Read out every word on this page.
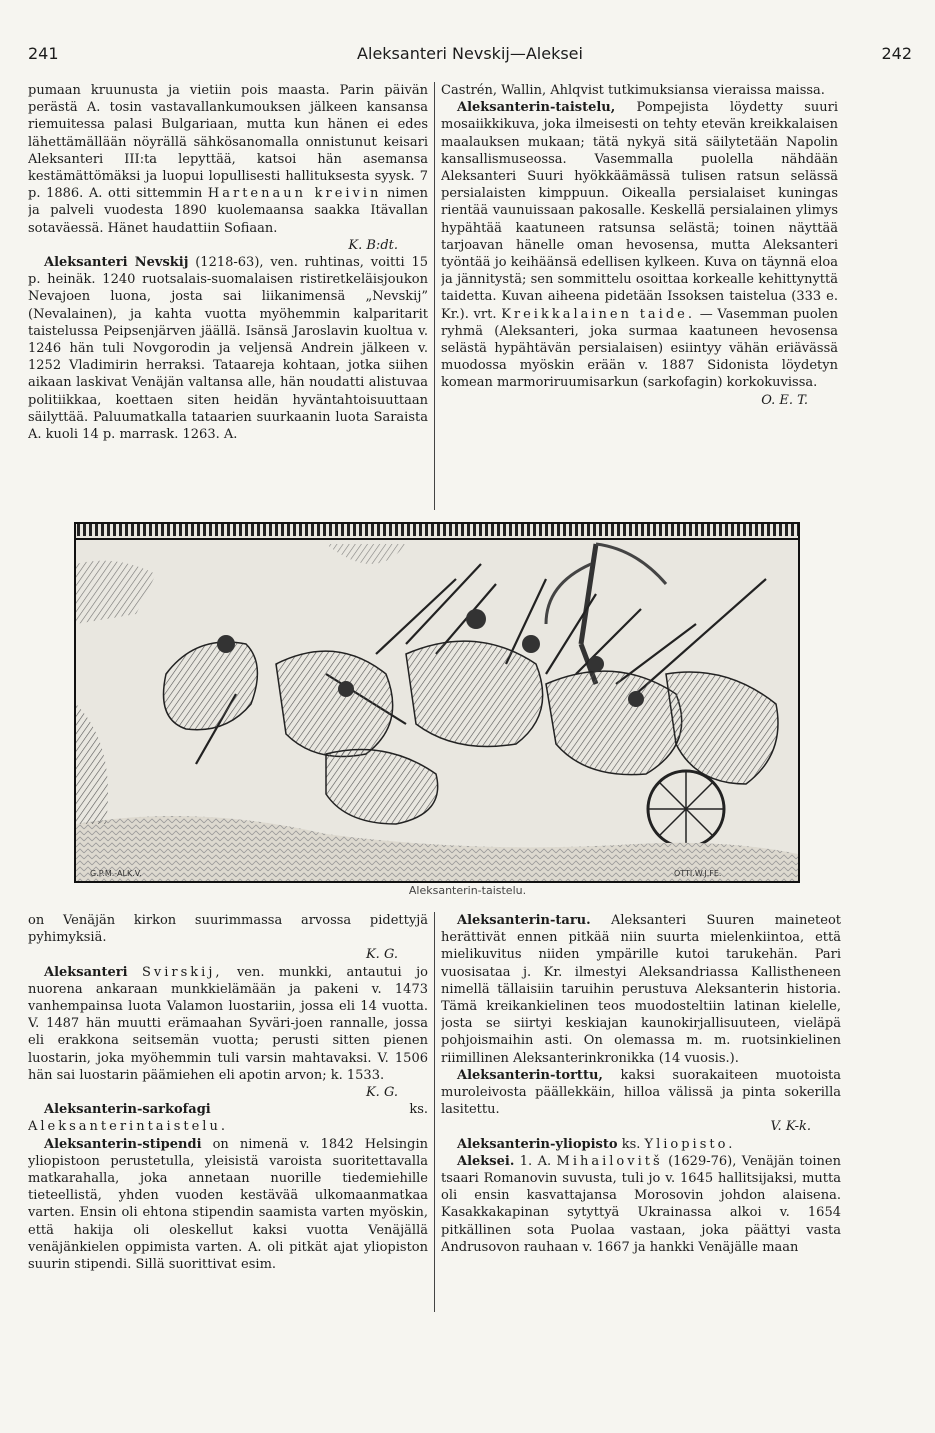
241	Aleksanteri Nevskij—Aleksei	242

pumaan kruunusta ja vietiin pois maasta. Parin päivän perästä A. tosin vastavallankumouksen jälkeen kansansa riemuitessa palasi Bulgariaan, mutta kun hänen ei edes lähettämällään nöyrällä sähkösanomalla onnistunut keisari Aleksanteri III:ta lepyttää, katsoi hän asemansa kestämättömäksi ja luopui lopullisesti hallituksesta syysk. 7 p. 1886. A. otti sittemmin Hartenaun kreivin nimen ja palveli vuodesta 1890 kuolemaansa saakka Itävallan sotaväessä. Hänet haudattiin Sofiaan.
K. B:dt.

Aleksanteri Nevskij (1218-63), ven. ruhtinas, voitti 15 p. heinäk. 1240 ruotsalais-suomalaisen ristiretkeläisjoukon Nevajoen luona, josta sai liikanimensä „Nevskij” (Nevalainen), ja kahta vuotta myöhemmin kalparitarit taistelussa Peipsenjärven jäällä. Isänsä Jaroslavin kuoltua v. 1246 hän tuli Novgorodin ja veljensä Andrein jälkeen v. 1252 Vladimirin herraksi. Tataareja kohtaan, jotka siihen aikaan laskivat Venäjän valtansa alle, hän noudatti alistuvaa politiikkaa, koettaen siten heidän hyväntahtoisuuttaan säilyttää. Paluumatkalla tataarien suurkaanin luota Saraista A. kuoli 14 p. marrask. 1263. A.

Castrén, Wallin, Ahlqvist tutkimuksiansa vieraissa maissa.

Aleksanterin-taistelu, Pompejista löydetty suuri mosaiikkikuva, joka ilmeisesti on tehty etevän kreikkalaisen maalauksen mukaan; tätä nykyä sitä säilytetään Napolin kansallismuseossa. Vasemmalla puolella nähdään Aleksanteri Suuri hyökkäämässä tulisen ratsun selässä persialaisten kimppuun. Oikealla persialaiset kuningas rientää vaunuissaan pakosalle. Keskellä persialainen ylimys hypähtää kaatuneen ratsunsa selästä; toinen näyttää tarjoavan hänelle oman hevosensa, mutta Aleksanteri työntää jo keihäänsä edellisen kylkeen. Kuva on täynnä eloa ja jännitystä; sen sommittelu osoittaa korkealle kehittynyttä taidetta. Kuvan aiheena pidetään Issoksen taistelua (333 e. Kr.). vrt. Kreikkalainen taide. — Vasemman puolen ryhmä (Aleksanteri, joka surmaa kaatuneen hevosensa selästä hypähtävän persialaisen) esiintyy vähän eriävässä muodossa myöskin erään v. 1887 Sidonista löydetyn komean marmoriruumisarkun (sarkofagin) korkokuvissa.
O. E. T.

G.P.M.-ALK.V.	OTTI.W.J.FE.
Aleksanterin-taistelu.

on Venäjän kirkon suurimmassa arvossa pidettyjä pyhimyksiä.
K. G.

Aleksanteri Svirskij, ven. munkki, antautui jo nuorena ankaraan munkkielämään ja pakeni v. 1473 vanhempainsa luota Valamon luostariin, jossa eli 14 vuotta. V. 1487 hän muutti erämaahan Syväri-joen rannalle, jossa eli erakkona seitsemän vuotta; perusti sitten pienen luostarin, joka myöhemmin tuli varsin mahtavaksi. V. 1506 hän sai luostarin päämiehen eli apotin arvon; k. 1533.
K. G.

Aleksanterin-sarkofagi	ks. Aleksanterintaistelu.

Aleksanterin-stipendi on nimenä v. 1842 Helsingin yliopistoon perustetulla, yleisistä varoista suoritettavalla matkarahalla, joka annetaan nuorille tiedemiehille tieteellistä, yhden vuoden kestävää ulkomaanmatkaa varten. Ensin oli ehtona stipendin saamista varten myöskin, että hakija oli oleskellut kaksi vuotta Venäjällä venäjänkielen oppimista varten. A. oli pitkät ajat yliopiston suurin stipendi. Sillä suorittivat esim.

Aleksanterin-taru. Aleksanteri Suuren maineteot herättivät ennen pitkää niin suurta mielenkiintoa, että mielikuvitus niiden ympärille kutoi tarukehän. Pari vuosisataa j. Kr. ilmestyi Aleksandriassa Kallistheneen nimellä tällaisiin taruihin perustuva Aleksanterin historia. Tämä kreikankielinen teos muodosteltiin latinan kielelle, josta se siirtyi keskiajan kaunokirjallisuuteen, vieläpä pohjoismaihin asti. On olemassa m. m. ruotsinkielinen riimillinen Aleksanterinkronikka (14 vuosis.).

Aleksanterin-torttu, kaksi suorakaiteen muotoista muroleivosta päällekkäin, hilloa välissä ja pinta sokerilla lasitettu.
V. K-k.

Aleksanterin-yliopisto ks. Yliopisto.

Aleksei. 1. A. Mihailovitš (1629-76), Venäjän toinen tsaari Romanovin suvusta, tuli jo v. 1645 hallitsijaksi, mutta oli ensin kasvattajansa Morosovin johdon alaisena. Kasakkakapinan sytyttyä Ukrainassa alkoi v. 1654 pitkällinen sota Puolaa vastaan, joka päättyi vasta Andrusovon rauhaan v. 1667 ja hankki Venäjälle maan
